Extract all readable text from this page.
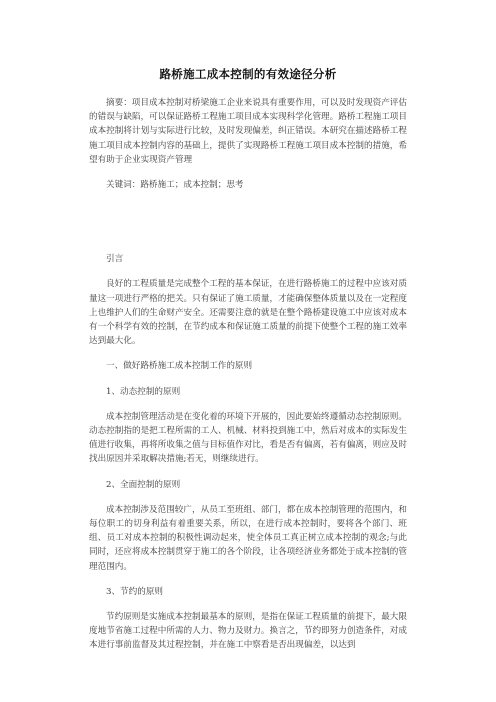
路桥施工成本控制的有效途径分析

摘要：项目成本控制对桥梁施工企业来说具有重要作用，可以及时发现资产评估的错误与缺陷，可以保证路桥工程施工项目成本实现科学化管理。路桥工程施工项目成本控制将计划与实际进行比较，及时发现偏差，纠正错误。本研究在描述路桥工程施工项目成本控制内容的基础上，提供了实现路桥工程施工项目成本控制的措施，希望有助于企业实现资产管理

关键词：路桥施工；成本控制；思考

引言

良好的工程质量是完成整个工程的基本保证，在进行路桥施工的过程中应该对质量这一项进行严格的把关。只有保证了施工质量，才能确保整体质量以及在一定程度上也维护人们的生命财产安全。还需要注意的就是在整个路桥建设施工中应该对成本有一个科学有效的控制，在节约成本和保证施工质量的前提下使整个工程的施工效率达到最大化。

一、做好路桥施工成本控制工作的原则

1、动态控制的原则

成本控制管理活动是在变化着的环境下开展的，因此要始终遵循动态控制原则。动态控制指的是把工程所需的工人、机械、材料投到施工中，然后对成本的实际发生值进行收集，再将所收集之值与目标值作对比，看是否有偏离，若有偏离，则应及时找出原因并采取解决措施;若无，则继续进行。

2、全面控制的原则

成本控制涉及范围较广，从员工至班组、部门，都在成本控制管理的范围内，和每位职工的切身利益有着重要关系，所以，在进行成本控制时，要将各个部门、班组、员工对成本控制的积极性调动起来，使全体员工真正树立成本控制的观念;与此同时，还应将成本控制贯穿于施工的各个阶段，让各项经济业务都处于成本控制的管理范围内。

3、节约的原则

节约原则是实施成本控制最基本的原则，是指在保证工程质量的前提下，最大限度地节省施工过程中所需的人力、物力及财力。换言之，节约即努力创造条件，对成本进行事前监督及其过程控制，并在施工中察看是否出现偏差，以达到
